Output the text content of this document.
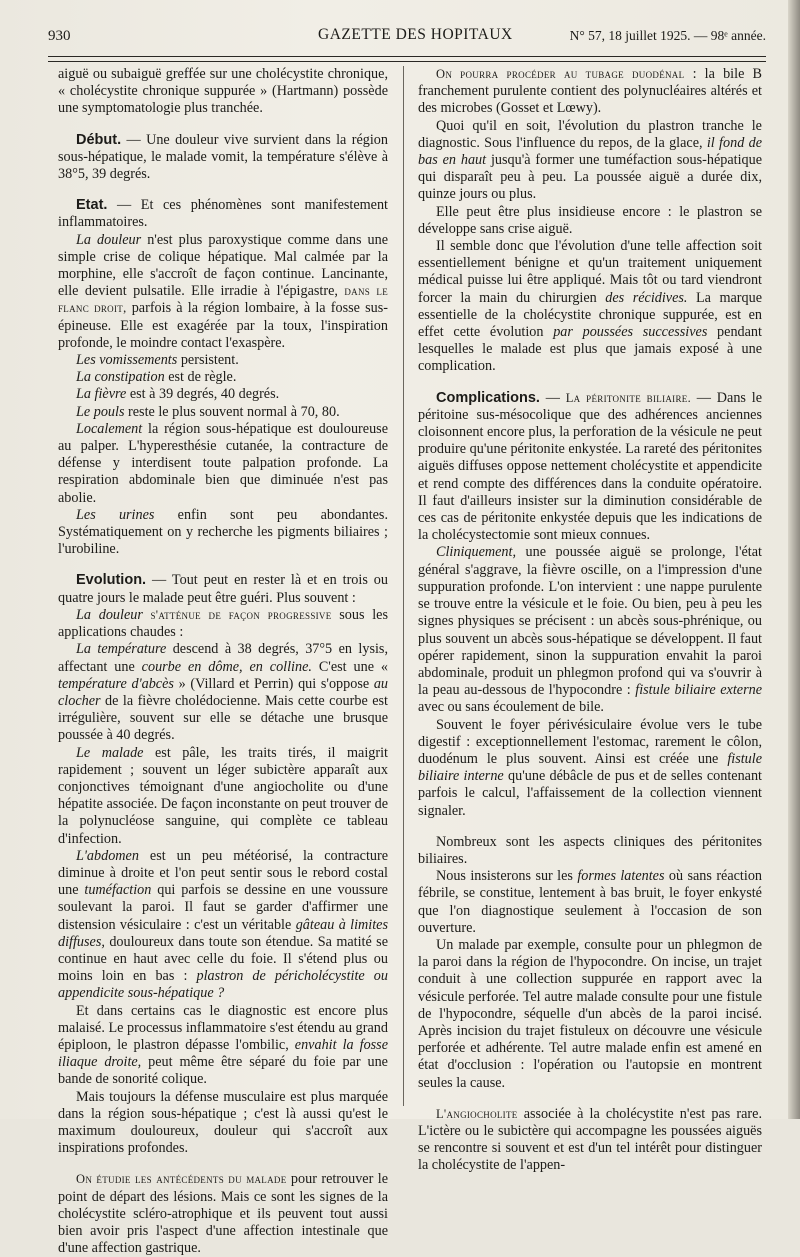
930	GAZETTE DES HOPITAUX	N° 57, 18 juillet 1925. — 98ᵉ année.

aiguë ou subaiguë greffée sur une cholécystite chronique, « cholécystite chronique suppurée » (Hartmann) possède une symptomatologie plus tranchée.

Début. — Une douleur vive survient dans la région sous-hépatique, le malade vomit, la température s'élève à 38°5, 39 degrés.

Etat. — Et ces phénomènes sont manifestement inflammatoires.

La douleur n'est plus paroxystique comme dans une simple crise de colique hépatique. Mal calmée par la morphine, elle s'accroît de façon continue. Lancinante, elle devient pulsatile. Elle irradie à l'épigastre, dans le flanc droit, parfois à la région lombaire, à la fosse sus-épineuse. Elle est exagérée par la toux, l'inspiration profonde, le moindre contact l'exaspère.

Les vomissements persistent.

La constipation est de règle.

La fièvre est à 39 degrés, 40 degrés.

Le pouls reste le plus souvent normal à 70, 80.

Localement la région sous-hépatique est douloureuse au palper. L'hyperesthésie cutanée, la contracture de défense y interdisent toute palpation profonde. La respiration abdominale bien que diminuée n'est pas abolie.

Les urines enfin sont peu abondantes. Systématiquement on y recherche les pigments biliaires ; l'urobiline.

Evolution. — Tout peut en rester là et en trois ou quatre jours le malade peut être guéri. Plus souvent :

La douleur s'atténue de façon progressive sous les applications chaudes :

La température descend à 38 degrés, 37°5 en lysis, affectant une courbe en dôme, en colline. C'est une « température d'abcès » (Villard et Perrin) qui s'oppose au clocher de la fièvre cholédocienne. Mais cette courbe est irrégulière, souvent sur elle se détache une brusque poussée à 40 degrés.

Le malade est pâle, les traits tirés, il maigrit rapidement ; souvent un léger subictère apparaît aux conjonctives témoignant d'une angiocholite ou d'une hépatite associée. De façon inconstante on peut trouver de la polynucléose sanguine, qui complète ce tableau d'infection.

L'abdomen est un peu météorisé, la contracture diminue à droite et l'on peut sentir sous le rebord costal une tuméfaction qui parfois se dessine en une voussure soulevant la paroi. Il faut se garder d'affirmer une distension vésiculaire : c'est un véritable gâteau à limites diffuses, douloureux dans toute son étendue. Sa matité se continue en haut avec celle du foie. Il s'étend plus ou moins loin en bas : plastron de péricholécystite ou appendicite sous-hépatique ?

Et dans certains cas le diagnostic est encore plus malaisé. Le processus inflammatoire s'est étendu au grand épiploon, le plastron dépasse l'ombilic, envahit la fosse iliaque droite, peut même être séparé du foie par une bande de sonorité colique.

Mais toujours la défense musculaire est plus marquée dans la région sous-hépatique ; c'est là aussi qu'est le maximum douloureux, douleur qui s'accroît aux inspirations profondes.

On étudie les antécédents du malade pour retrouver le point de départ des lésions. Mais ce sont les signes de la cholécystite scléro-atrophique et ils peuvent tout aussi bien avoir pris l'aspect d'une affection intestinale que d'une affection gastrique.

On pourra procéder au tubage duodénal : la bile B franchement purulente contient des polynucléaires altérés et des microbes (Gosset et Lœwy).

Quoi qu'il en soit, l'évolution du plastron tranche le diagnostic. Sous l'influence du repos, de la glace, il fond de bas en haut jusqu'à former une tuméfaction sous-hépatique qui disparaît peu à peu. La poussée aiguë a durée dix, quinze jours ou plus.

Elle peut être plus insidieuse encore : le plastron se développe sans crise aiguë.

Il semble donc que l'évolution d'une telle affection soit essentiellement bénigne et qu'un traitement uniquement médical puisse lui être appliqué. Mais tôt ou tard viendront forcer la main du chirurgien des récidives. La marque essentielle de la cholécystite chronique suppurée, est en effet cette évolution par poussées successives pendant lesquelles le malade est plus que jamais exposé à une complication.

Complications. — La péritonite biliaire. — Dans le péritoine sus-mésocolique que des adhérences anciennes cloisonnent encore plus, la perforation de la vésicule ne peut produire qu'une péritonite enkystée. La rareté des péritonites aiguës diffuses oppose nettement cholécystite et appendicite et rend compte des différences dans la conduite opératoire. Il faut d'ailleurs insister sur la diminution considérable de ces cas de péritonite enkystée depuis que les indications de la cholécystectomie sont mieux connues.

Cliniquement, une poussée aiguë se prolonge, l'état général s'aggrave, la fièvre oscille, on a l'impression d'une suppuration profonde. L'on intervient : une nappe purulente se trouve entre la vésicule et le foie. Ou bien, peu à peu les signes physiques se précisent : un abcès sous-phrénique, ou plus souvent un abcès sous-hépatique se développent. Il faut opérer rapidement, sinon la suppuration envahit la paroi abdominale, produit un phlegmon profond qui va s'ouvrir à la peau au-dessous de l'hypocondre : fistule biliaire externe avec ou sans écoulement de bile.

Souvent le foyer périvésiculaire évolue vers le tube digestif : exceptionnellement l'estomac, rarement le côlon, duodénum le plus souvent. Ainsi est créée une fistule biliaire interne qu'une débâcle de pus et de selles contenant parfois le calcul, l'affaissement de la collection viennent signaler.

Nombreux sont les aspects cliniques des péritonites biliaires.

Nous insisterons sur les formes latentes où sans réaction fébrile, se constitue, lentement à bas bruit, le foyer enkysté que l'on diagnostique seulement à l'occasion de son ouverture.

Un malade par exemple, consulte pour un phlegmon de la paroi dans la région de l'hypocondre. On incise, un trajet conduit à une collection suppurée en rapport avec la vésicule perforée. Tel autre malade consulte pour une fistule de l'hypocondre, séquelle d'un abcès de la paroi incisé. Après incision du trajet fistuleux on découvre une vésicule perforée et adhérente. Tel autre malade enfin est amené en état d'occlusion : l'opération ou l'autopsie en montrent seules la cause.

L'angiocholite associée à la cholécystite n'est pas rare. L'ictère ou le subictère qui accompagne les poussées aiguës se rencontre si souvent et est d'un tel intérêt pour distinguer la cholécystite de l'appen-
